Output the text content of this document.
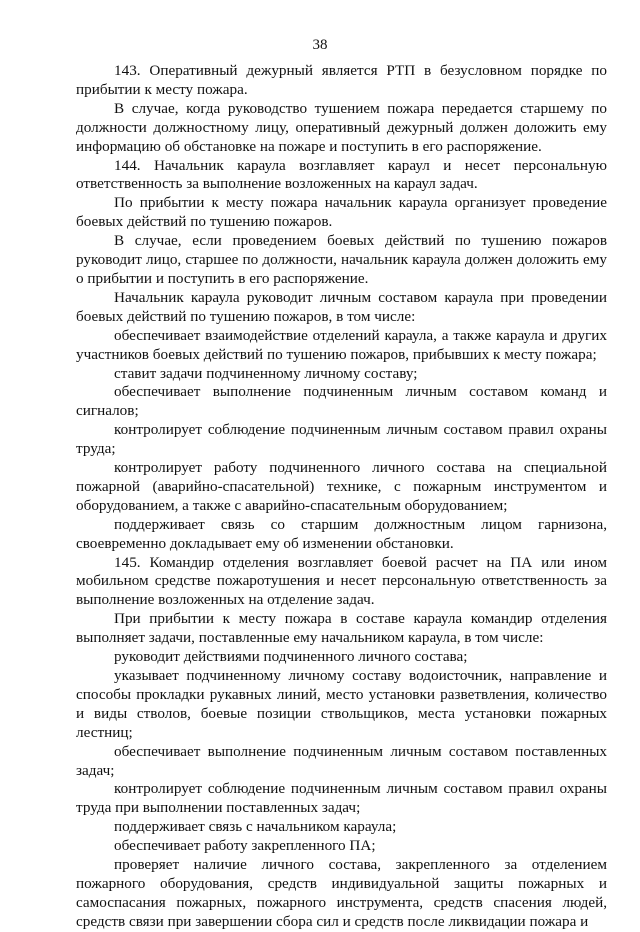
38

143. Оперативный дежурный является РТП в безусловном порядке по прибытии к месту пожара.

В случае, когда руководство тушением пожара передается старшему по должности должностному лицу, оперативный дежурный должен доложить ему информацию об обстановке на пожаре и поступить в его распоряжение.

144. Начальник караула возглавляет караул и несет персональную ответственность за выполнение возложенных на караул задач.

По прибытии к месту пожара начальник караула организует проведение боевых действий по тушению пожаров.

В случае, если проведением боевых действий по тушению пожаров руководит лицо, старшее по должности, начальник караула должен доложить ему о прибытии и поступить в его распоряжение.

Начальник караула руководит личным составом караула при проведении боевых действий по тушению пожаров, в том числе:

обеспечивает взаимодействие отделений караула, а также караула и других участников боевых действий по тушению пожаров, прибывших к месту пожара;

ставит задачи подчиненному личному составу;

обеспечивает выполнение подчиненным личным составом команд и сигналов;

контролирует соблюдение подчиненным личным составом правил охраны труда;

контролирует работу подчиненного личного состава на специальной пожарной (аварийно-спасательной) технике, с пожарным инструментом и оборудованием, а также с аварийно-спасательным оборудованием;

поддерживает связь со старшим должностным лицом гарнизона, своевременно докладывает ему об изменении обстановки.

145. Командир отделения возглавляет боевой расчет на ПА или ином мобильном средстве пожаротушения и несет персональную ответственность за выполнение возложенных на отделение задач.

При прибытии к месту пожара в составе караула командир отделения выполняет задачи, поставленные ему начальником караула, в том числе:

руководит действиями подчиненного личного состава;

указывает подчиненному личному составу водоисточник, направление и способы прокладки рукавных линий, место установки разветвления, количество и виды стволов, боевые позиции ствольщиков, места установки пожарных лестниц;

обеспечивает выполнение подчиненным личным составом поставленных задач;

контролирует соблюдение подчиненным личным составом правил охраны труда при выполнении поставленных задач;

поддерживает связь с начальником караула;

обеспечивает работу закрепленного ПА;

проверяет наличие личного состава, закрепленного за отделением пожарного оборудования, средств индивидуальной защиты пожарных и самоспасания пожарных, пожарного инструмента, средств спасения людей, средств связи при завершении сбора сил и средств после ликвидации пожара и
